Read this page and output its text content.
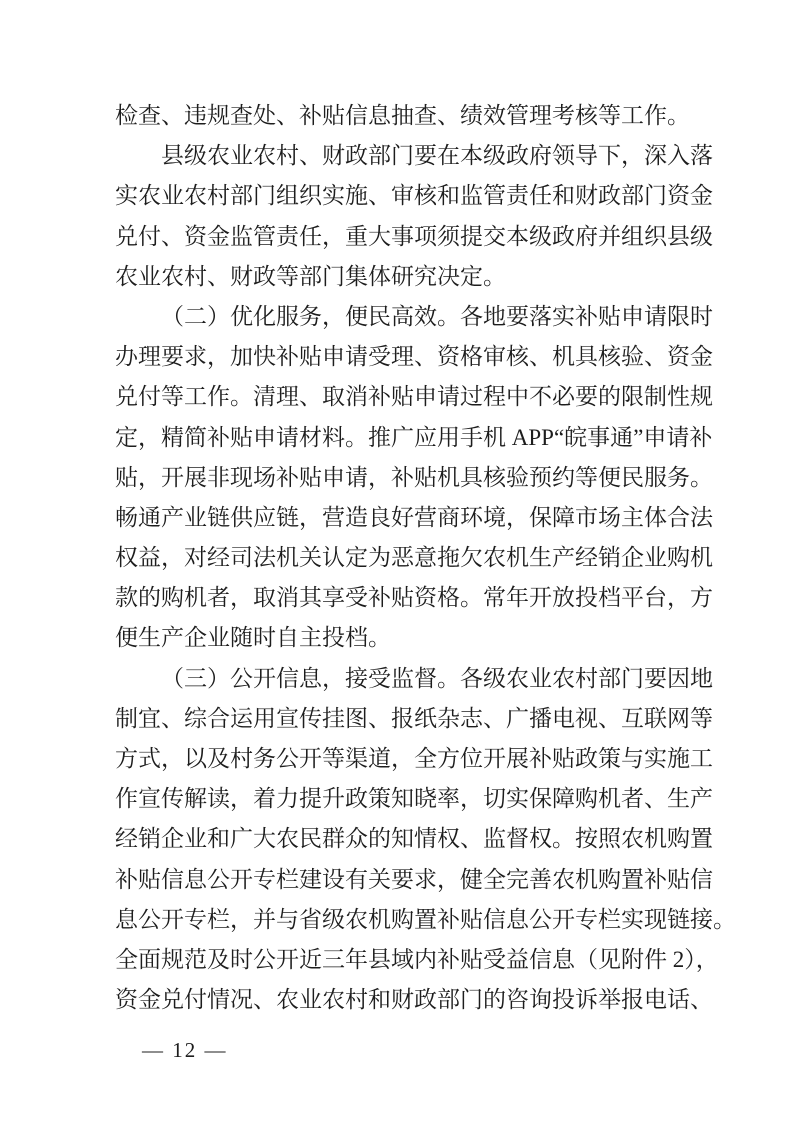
检查、违规查处、补贴信息抽查、绩效管理考核等工作。

县级农业农村、财政部门要在本级政府领导下，深入落

实农业农村部门组织实施、审核和监管责任和财政部门资金

兑付、资金监管责任，重大事项须提交本级政府并组织县级

农业农村、财政等部门集体研究决定。

（二）优化服务，便民高效。各地要落实补贴申请限时

办理要求，加快补贴申请受理、资格审核、机具核验、资金

兑付等工作。清理、取消补贴申请过程中不必要的限制性规

定，精简补贴申请材料。推广应用手机 APP“皖事通”申请补

贴，开展非现场补贴申请，补贴机具核验预约等便民服务。

畅通产业链供应链，营造良好营商环境，保障市场主体合法

权益，对经司法机关认定为恶意拖欠农机生产经销企业购机

款的购机者，取消其享受补贴资格。常年开放投档平台，方

便生产企业随时自主投档。

（三）公开信息，接受监督。各级农业农村部门要因地

制宜、综合运用宣传挂图、报纸杂志、广播电视、互联网等

方式，以及村务公开等渠道，全方位开展补贴政策与实施工

作宣传解读，着力提升政策知晓率，切实保障购机者、生产

经销企业和广大农民群众的知情权、监督权。按照农机购置

补贴信息公开专栏建设有关要求，健全完善农机购置补贴信

息公开专栏，并与省级农机购置补贴信息公开专栏实现链接。

全面规范及时公开近三年县域内补贴受益信息（见附件 2），

资金兑付情况、农业农村和财政部门的咨询投诉举报电话、

— 12 —
